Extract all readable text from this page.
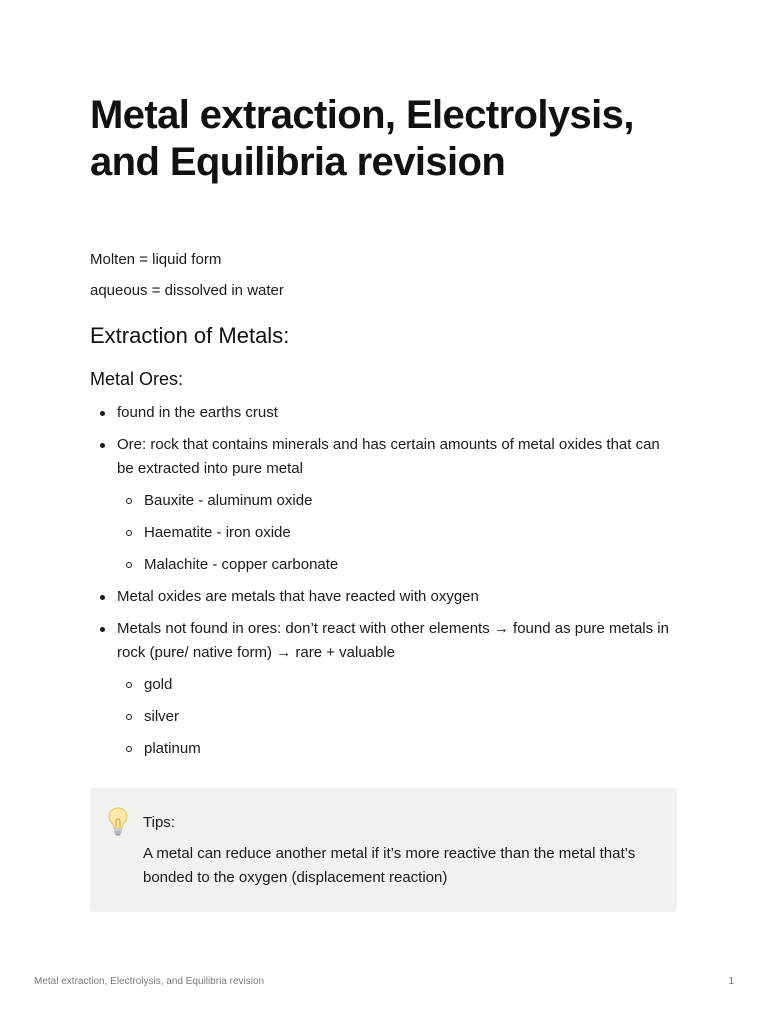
Metal extraction, Electrolysis, and Equilibria revision

Molten = liquid form

aqueous = dissolved in water

Extraction of Metals:
Metal Ores:
found in the earths crust
Ore: rock that contains minerals and has certain amounts of metal oxides that can be extracted into pure metal
Bauxite - aluminum oxide
Haematite - iron oxide
Malachite - copper carbonate
Metal oxides are metals that have reacted with oxygen
Metals not found in ores: don’t react with other elements → found as pure metals in rock (pure/ native form) → rare + valuable
gold
silver
platinum
Tips:
A metal can reduce another metal if it’s more reactive than the metal that’s bonded to the oxygen (displacement reaction)
Metal extraction, Electrolysis, and Equilibria revision	1
